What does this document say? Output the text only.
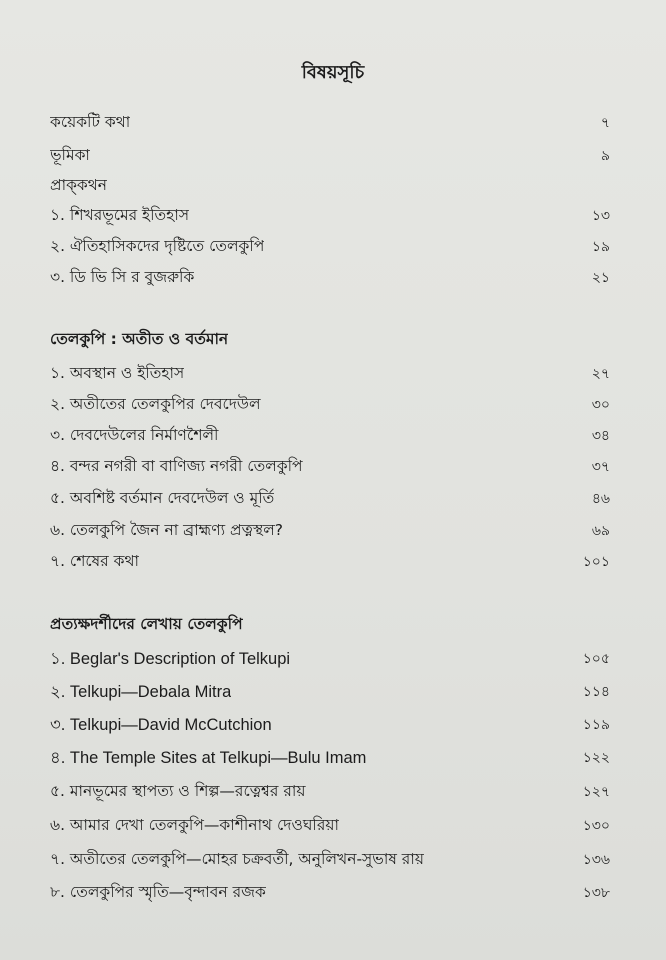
বিষয়সূচি
কয়েকটি কথা	৭
ভূমিকা	৯
প্রাক্‌কথন
১. শিখরভূমের ইতিহাস	১৩
২. ঐতিহাসিকদের দৃষ্টিতে তেলকুপি	১৯
৩. ডি ভি সি র বুজরুকি	২১
তেলকুপি : অতীত ও বর্তমান
১. অবস্থান ও ইতিহাস	২৭
২. অতীতের তেলকুপির দেবদেউল	৩০
৩. দেবদেউলের নির্মাণশৈলী	৩৪
৪. বন্দর নগরী বা বাণিজ্য নগরী তেলকুপি	৩৭
৫. অবশিষ্ট বর্তমান দেবদেউল ও মূর্তি	৪৬
৬. তেলকুপি জৈন না ব্রাহ্মণ্য প্রত্নস্থল?	৬৯
৭. শেষের কথা	১০১
প্রত্যক্ষদর্শীদের লেখায় তেলকুপি
১. Beglar's Description of Telkupi	১০৫
২. Telkupi—Debala Mitra	১১৪
৩. Telkupi—David McCutchion	১১৯
৪. The Temple Sites at Telkupi—Bulu Imam	১২২
৫. মানভূমের স্থাপত্য ও শিল্প—রত্নেশ্বর রায়	১২৭
৬. আমার দেখা তেলকুপি—কাশীনাথ দেওঘরিয়া	১৩০
৭. অতীতের তেলকুপি—মোহর চক্রবর্তী, অনুলিখন-সুভাষ রায়	১৩৬
৮. তেলকুপির স্মৃতি—বৃন্দাবন রজক	১৩৮
